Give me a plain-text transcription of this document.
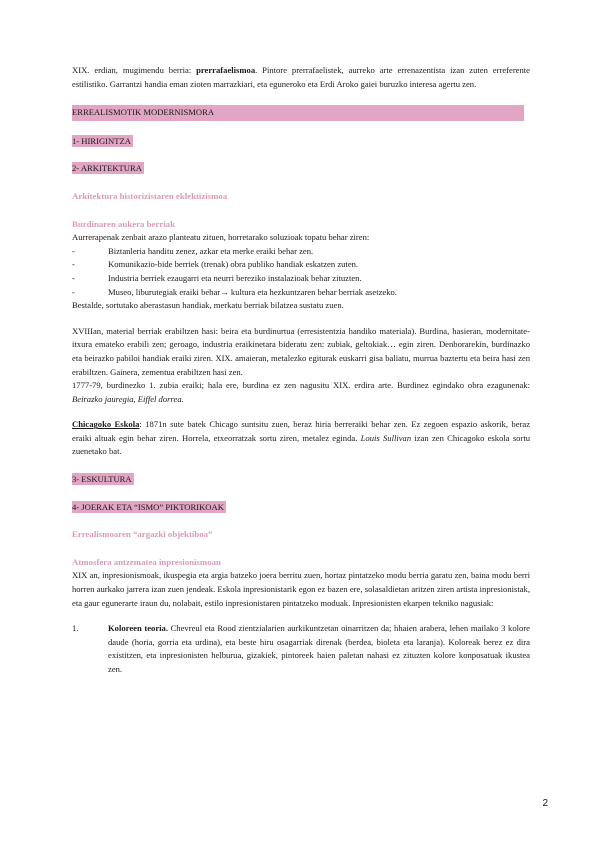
XIX. erdian, mugimendu berria: prerrafaelismoa. Pintore prerrafaelistek, aurreko arte errenazentista izan zuten erreferente estilistiko. Garrantzi handia eman zioten marrazkiari, eta eguneroko eta Erdi Aroko gaiei buruzko interesa agertu zen.

ERREALISMOTIK MODERNISMORA
1- HIRIGINTZA
2- ARKITEKTURA
Arkitektura historizistaren eklektizismoa
Burdinaren aukera berriak

Aurrerapenak zenbait arazo planteatu zituen, horretarako soluzioak topatu behar ziren:

-	Biztanleria handitu zenez, azkar eta merke eraiki behar zen.
-	Komunikazio-bide berriek (trenak) obra publiko handiak eskatzen zuten.
-	Industria berriek ezaugarri eta neurri bereziko instalazioak behar zituzten.
-	Museo, liburutegiak eraiki behar→ kultura eta hezkuntzaren behar berriak asetzeko.

Bestalde, sortutako aberastasun handiak, merkatu berriak bilatzea sustatu zuen.

XVIIIan, material berriak erabiltzen hasi: beira eta burdinurtua (erresistentzia handiko materiala). Burdina, hasieran, modernitate-itxura emateko erabili zen; geroago, industria eraikinetara bideratu zen: zubiak, geltokiak… egin ziren. Denborarekin, burdinazko eta beirazko pabiloi handiak eraiki ziren. XIX. amaieran, metalezko egiturak euskarri gisa baliatu, murrua baztertu eta beira hasi zen erabiltzen. Gainera, zementua erabiltzen hasi zen.

1777-79, burdinezko 1. zubia eraiki; hala ere, burdina ez zen nagusitu XIX. erdira arte. Burdinez egindako obra ezagunenak: Beirazko jauregia, Eiffel dorrea.

Chicagoko Eskola: 1871n sute batek Chicago suntsitu zuen, beraz hiria berreraiki behar zen. Ez zegoen espazio askorik, beraz eraiki altuak egin behar ziren. Horrela, etxeorratzak sortu ziren, metalez eginda. Louis Sullivan izan zen Chicagoko eskola sortu zuenetako bat.

3- ESKULTURA
4- JOERAK ETA “ISMO” PIKTORIKOAK
Errealismoaren “argazki objektiboa”
Atmosfera antzematea inpresionismoan

XIX an, inpresionismoak, ikuspegia eta argia batzeko joera berritu zuen, hortaz pintatzeko modu berria garatu zen, baina modu berri horren aurkako jarrera izan zuen jendeak. Eskola inpresionistarik egon ez bazen ere, solasaldietan aritzen ziren artista inpresionistak, eta gaur egunerarte iraun du, nolabait, estilo inpresionistaren pintatzeko moduak. Inpresionisten ekarpen tekniko nagusiak:

1.	Koloreen teoria. Chevreul eta Rood zientzialarien aurkikuntzetan oinarritzen da; hhaien arabera, lehen mailako 3 kolore daude (horia, gorria eta urdina), eta beste hiru osagarriak direnak (berdea, bioleta eta laranja). Koloreak berez ez dira existitzen, eta inpresionisten helburua, gizakiek, pintoreek haien paletan nahasi ez zituzten kolore konposatuak ikustea zen.

2
